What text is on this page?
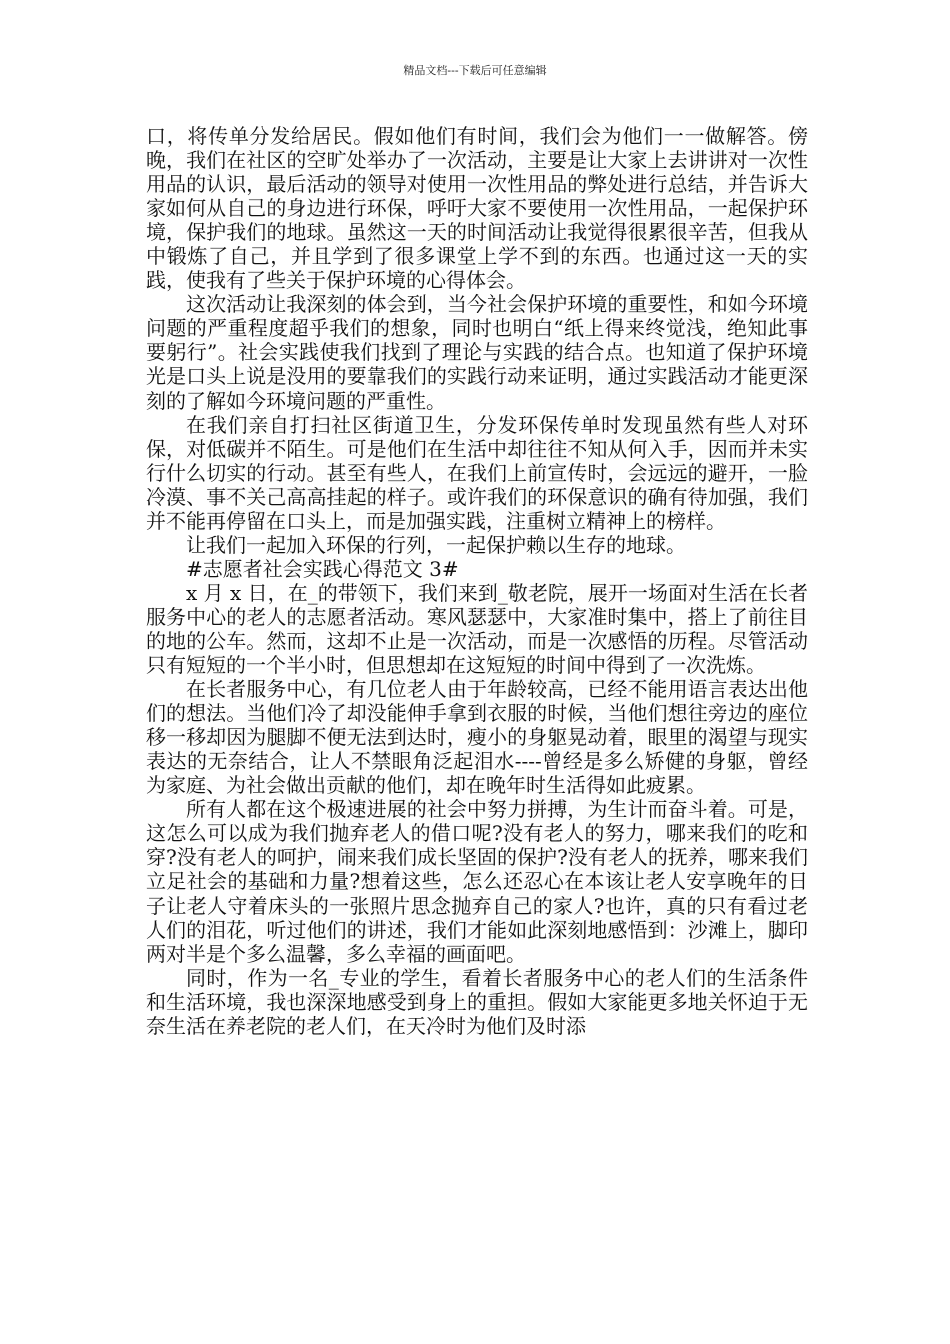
精品文档---下载后可任意编辑

口，将传单分发给居民。假如他们有时间，我们会为他们一一做解答。傍晚，我们在社区的空旷处举办了一次活动，主要是让大家上去讲讲对一次性用品的认识，最后活动的领导对使用一次性用品的弊处进行总结，并告诉大家如何从自己的身边进行环保，呼吁大家不要使用一次性用品，一起保护环境，保护我们的地球。虽然这一天的时间活动让我觉得很累很辛苦，但我从中锻炼了自己，并且学到了很多课堂上学不到的东西。也通过这一天的实践，使我有了些关于保护环境的心得体会。

这次活动让我深刻的体会到，当今社会保护环境的重要性，和如今环境问题的严重程度超乎我们的想象，同时也明白“纸上得来终觉浅，绝知此事要躬行”。社会实践使我们找到了理论与实践的结合点。也知道了保护环境光是口头上说是没用的要靠我们的实践行动来证明，通过实践活动才能更深刻的了解如今环境问题的严重性。

在我们亲自打扫社区街道卫生，分发环保传单时发现虽然有些人对环保，对低碳并不陌生。可是他们在生活中却往往不知从何入手，因而并未实行什么切实的行动。甚至有些人，在我们上前宣传时，会远远的避开，一脸冷漠、事不关己高高挂起的样子。或许我们的环保意识的确有待加强，我们并不能再停留在口头上，而是加强实践，注重树立精神上的榜样。

让我们一起加入环保的行列，一起保护赖以生存的地球。

#志愿者社会实践心得范文 3#

x 月 x 日，在_的带领下，我们来到_敬老院，展开一场面对生活在长者服务中心的老人的志愿者活动。寒风瑟瑟中，大家准时集中，搭上了前往目的地的公车。然而，这却不止是一次活动，而是一次感悟的历程。尽管活动只有短短的一个半小时，但思想却在这短短的时间中得到了一次洗炼。

在长者服务中心，有几位老人由于年龄较高，已经不能用语言表达出他们的想法。当他们冷了却没能伸手拿到衣服的时候，当他们想往旁边的座位移一移却因为腿脚不便无法到达时，瘦小的身躯晃动着，眼里的渴望与现实表达的无奈结合，让人不禁眼角泛起泪水----曾经是多么矫健的身躯，曾经为家庭、为社会做出贡献的他们，却在晚年时生活得如此疲累。

所有人都在这个极速进展的社会中努力拼搏，为生计而奋斗着。可是，这怎么可以成为我们抛弃老人的借口呢?没有老人的努力，哪来我们的吃和穿?没有老人的呵护，闹来我们成长坚固的保护?没有老人的抚养，哪来我们立足社会的基础和力量?想着这些，怎么还忍心在本该让老人安享晚年的日子让老人守着床头的一张照片思念抛弃自己的家人?也许，真的只有看过老人们的泪花，听过他们的讲述，我们才能如此深刻地感悟到：沙滩上，脚印两对半是个多么温馨，多么幸福的画面吧。

同时，作为一名_专业的学生，看着长者服务中心的老人们的生活条件和生活环境，我也深深地感受到身上的重担。假如大家能更多地关怀迫于无奈生活在养老院的老人们，在天冷时为他们及时添
